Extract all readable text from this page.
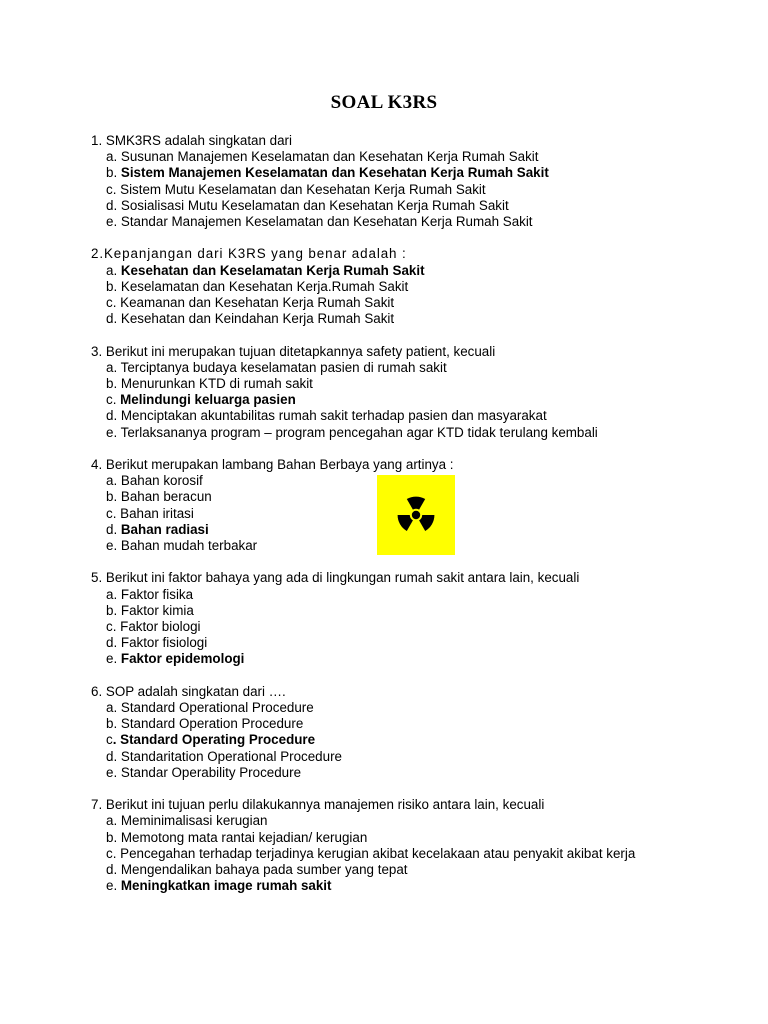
SOAL K3RS
1. SMK3RS adalah singkatan dari
a. Susunan Manajemen Keselamatan dan Kesehatan Kerja Rumah Sakit
b. Sistem Manajemen Keselamatan dan Kesehatan Kerja Rumah Sakit
c. Sistem Mutu Keselamatan dan Kesehatan Kerja Rumah Sakit
d. Sosialisasi Mutu Keselamatan dan Kesehatan Kerja Rumah Sakit
e. Standar Manajemen Keselamatan dan Kesehatan Kerja Rumah Sakit
2.Kepanjangan dari K3RS yang benar adalah :
a. Kesehatan dan Keselamatan Kerja Rumah Sakit
b. Keselamatan dan Kesehatan Kerja.Rumah Sakit
c. Keamanan dan Kesehatan Kerja Rumah Sakit
d. Kesehatan dan Keindahan Kerja Rumah Sakit
3. Berikut ini merupakan tujuan ditetapkannya safety patient, kecuali
a. Terciptanya budaya keselamatan pasien di rumah sakit
b. Menurunkan KTD di rumah sakit
c. Melindungi keluarga pasien
d. Menciptakan akuntabilitas rumah sakit terhadap pasien dan masyarakat
e. Terlaksananya program – program pencegahan agar KTD tidak terulang kembali
4. Berikut merupakan lambang Bahan Berbaya yang artinya :
a. Bahan korosif
b. Bahan beracun
c. Bahan iritasi
d. Bahan radiasi
e. Bahan mudah terbakar
5. Berikut ini faktor bahaya yang ada di lingkungan rumah sakit antara lain, kecuali
a. Faktor fisika
b. Faktor kimia
c. Faktor biologi
d. Faktor fisiologi
e. Faktor epidemologi
6. SOP adalah singkatan dari ….
a. Standard Operational Procedure
b. Standard Operation Procedure
c. Standard Operating Procedure
d. Standaritation Operational Procedure
e. Standar Operability Procedure
7. Berikut ini tujuan perlu dilakukannya manajemen risiko antara lain, kecuali
a. Meminimalisasi kerugian
b. Memotong mata rantai kejadian/ kerugian
c. Pencegahan terhadap terjadinya kerugian akibat kecelakaan atau penyakit akibat kerja
d. Mengendalikan bahaya pada sumber yang tepat
e. Meningkatkan image rumah sakit
